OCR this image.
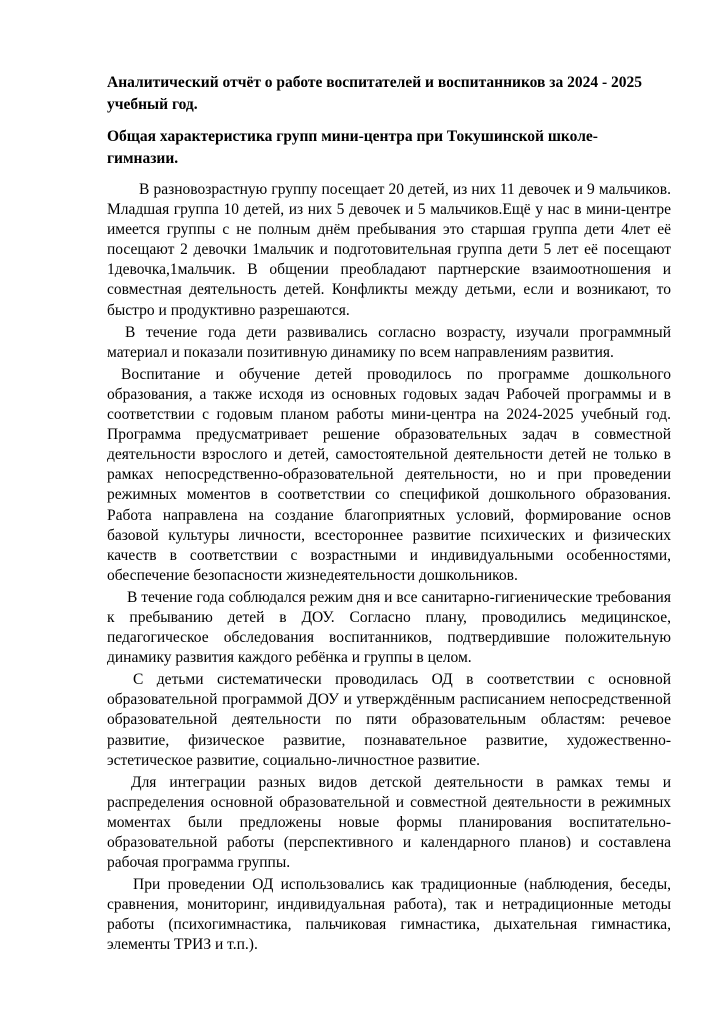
Аналитический отчёт о работе воспитателей и воспитанников за 2024 - 2025 учебный год.
Общая характеристика групп мини-центра при Токушинской школе-гимназии.

В разновозрастную группу посещает 20 детей, из них 11 девочек и 9 мальчиков. Младшая группа 10 детей, из них 5 девочек и 5 мальчиков.Ещё у нас в мини-центре имеется группы с не полным днём пребывания это старшая группа дети 4лет её посещают 2 девочки 1мальчик и подготовительная группа дети 5 лет её посещают 1девочка,1мальчик. В общении преобладают партнерские взаимоотношения и совместная деятельность детей. Конфликты между детьми, если и возникают, то быстро и продуктивно разрешаются.

В течение года дети развивались согласно возрасту, изучали программный материал и показали позитивную динамику по всем направлениям развития.

Воспитание и обучение детей проводилось по программе дошкольного образования, а также исходя из основных годовых задач Рабочей программы и в соответствии с годовым планом работы мини-центра на 2024-2025 учебный год. Программа предусматривает решение образовательных задач в совместной деятельности взрослого и детей, самостоятельной деятельности детей не только в рамках непосредственно-образовательной деятельности, но и при проведении режимных моментов в соответствии со спецификой дошкольного образования. Работа направлена на создание благоприятных условий, формирование основ базовой культуры личности, всестороннее развитие психических и физических качеств в соответствии с возрастными и индивидуальными особенностями, обеспечение безопасности жизнедеятельности дошкольников.

В течение года соблюдался режим дня и все санитарно-гигиенические требования к пребыванию детей в ДОУ. Согласно плану, проводились медицинское, педагогическое обследования воспитанников, подтвердившие положительную динамику развития каждого ребёнка и группы в целом.

С детьми систематически проводилась ОД в соответствии с основной образовательной программой ДОУ и утверждённым расписанием непосредственной образовательной деятельности по пяти образовательным областям: речевое развитие, физическое развитие, познавательное развитие, художественно-эстетическое развитие, социально-личностное развитие.

Для интеграции разных видов детской деятельности в рамках темы и распределения основной образовательной и совместной деятельности в режимных моментах были предложены новые формы планирования воспитательно-образовательной работы (перспективного и календарного планов) и составлена рабочая программа группы.

При проведении ОД использовались как традиционные (наблюдения, беседы, сравнения, мониторинг, индивидуальная работа), так и нетрадиционные методы работы (психогимнастика, пальчиковая гимнастика, дыхательная гимнастика, элементы ТРИЗ и т.п.).
